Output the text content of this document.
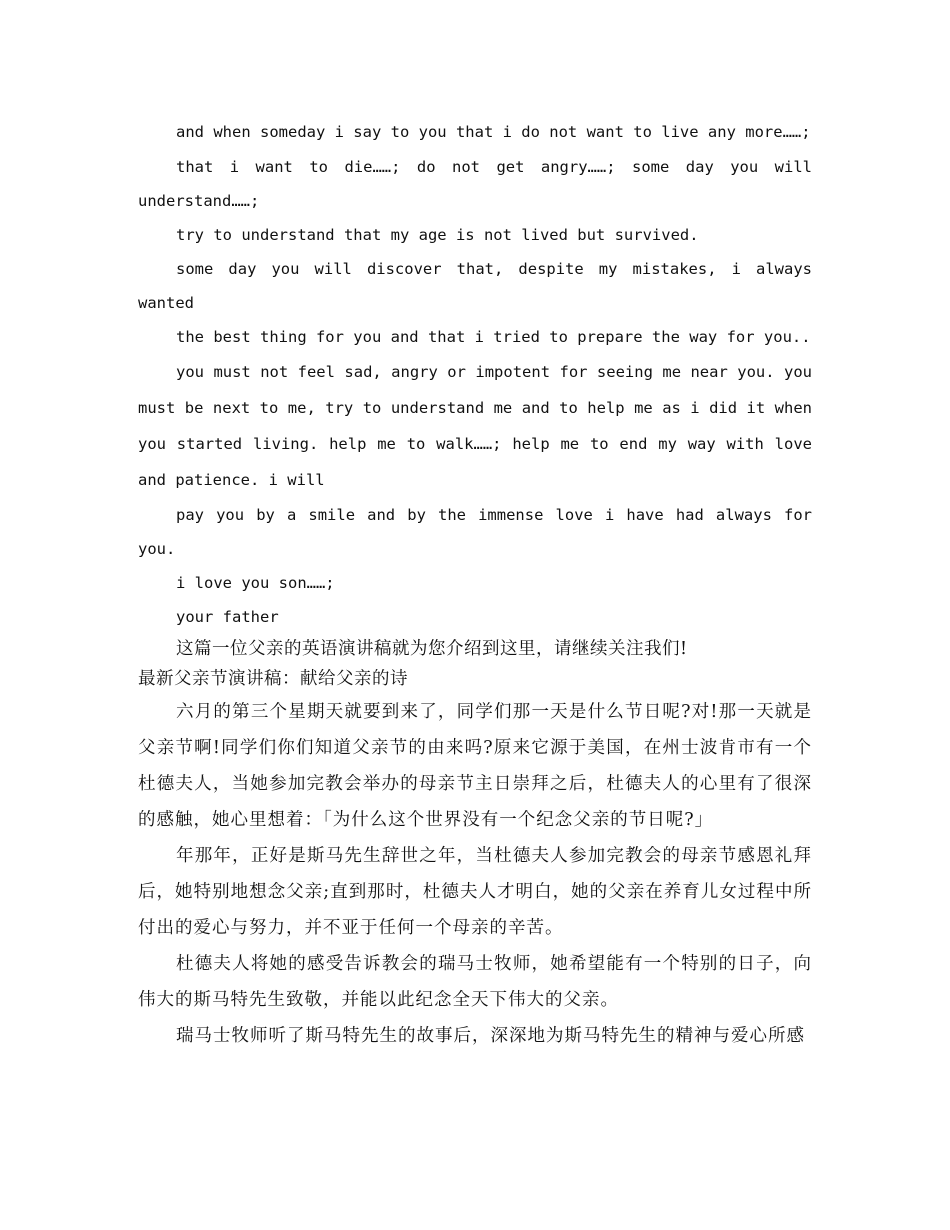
and when someday i say to you that i do not want to live any more……;

that i want to die……; do not get angry……; some day you will understand……;

try to understand that my age is not lived but survived.

some day you will discover that, despite my mistakes, i always wanted

the best thing for you and that i tried to prepare the way for you..

you must not feel sad, angry or impotent for seeing me near you. you must be next to me, try to understand me and to help me as i did it when you started living. help me to walk……; help me to end my way with love and patience. i will

pay you by a smile and by the immense love i have had always for you.

i love you son……;

your father

这篇一位父亲的英语演讲稿就为您介绍到这里，请继续关注我们!

最新父亲节演讲稿：献给父亲的诗

六月的第三个星期天就要到来了，同学们那一天是什么节日呢?对!那一天就是父亲节啊!同学们你们知道父亲节的由来吗?原来它源于美国，在州士波肯市有一个杜德夫人，当她参加完教会举办的母亲节主日崇拜之后，杜德夫人的心里有了很深的感触，她心里想着：「为什么这个世界没有一个纪念父亲的节日呢?」

年那年，正好是斯马先生辞世之年，当杜德夫人参加完教会的母亲节感恩礼拜后，她特别地想念父亲;直到那时，杜德夫人才明白，她的父亲在养育儿女过程中所付出的爱心与努力，并不亚于任何一个母亲的辛苦。

杜德夫人将她的感受告诉教会的瑞马士牧师，她希望能有一个特别的日子，向伟大的斯马特先生致敬，并能以此纪念全天下伟大的父亲。

瑞马士牧师听了斯马特先生的故事后，深深地为斯马特先生的精神与爱心所感
